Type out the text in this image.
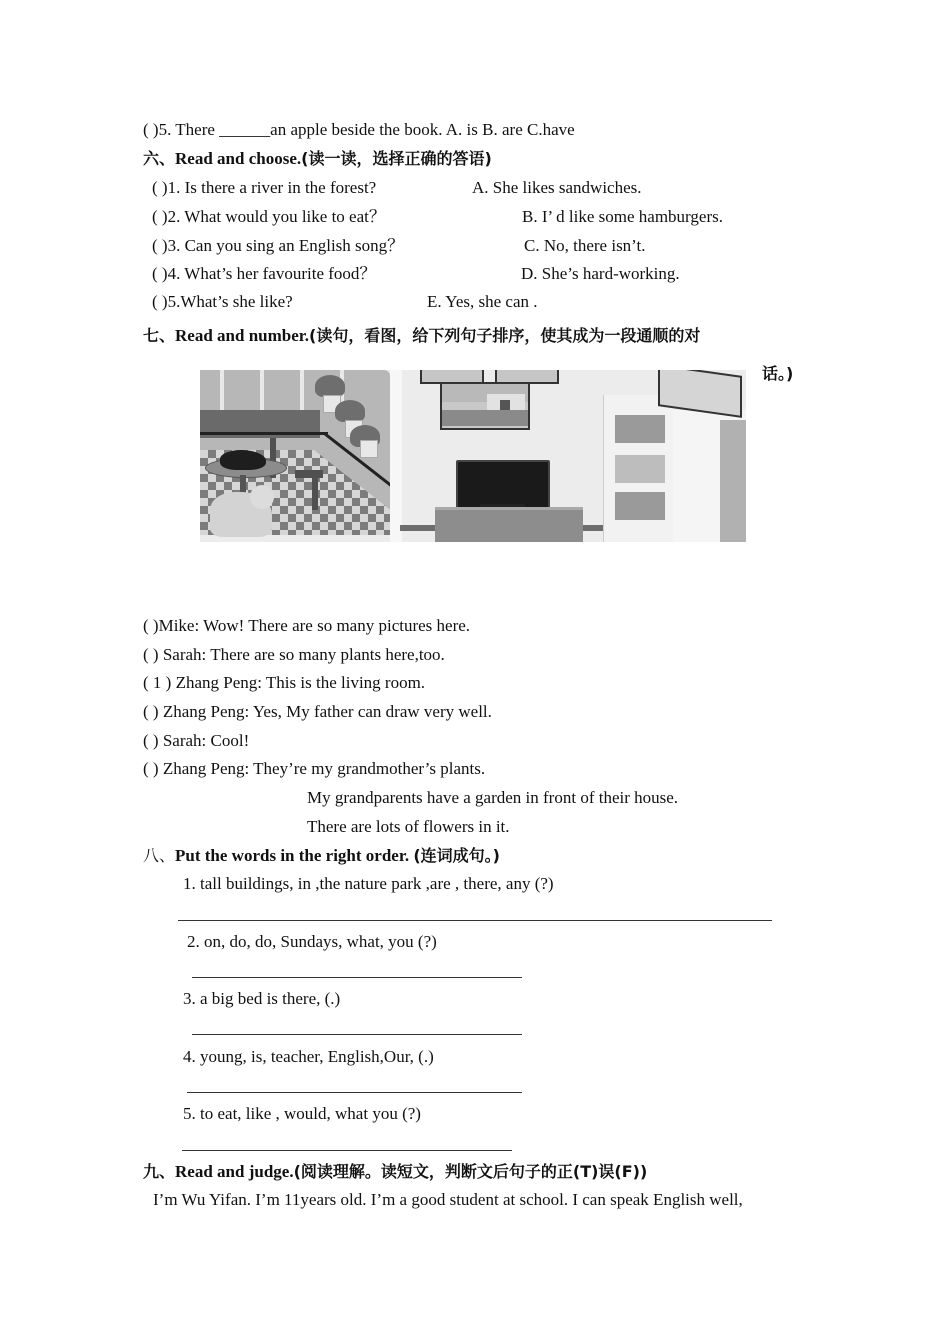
( )5. There ______an apple beside the book. A. is B. are C.have
六、Read and choose.(读一读，选择正确的答语)
( )1. Is there a river in the forest?	A. She likes sandwiches.
( )2. What would you like to eat？	B. I’ d like some hamburgers.
( )3. Can you sing an English song？	C. No, there isn’t.
( )4. What’s her favourite food？	D. She’s hard-working.
( )5.What’s she like?	E. Yes, she can .
七、Read and number.(读句，看图，给下列句子排序，使其成为一段通顺的对
话。)
( )Mike: Wow! There are so many pictures here.
( ) Sarah: There are so many plants here,too.
( 1 ) Zhang Peng: This is the living room.
( ) Zhang Peng: Yes, My father can draw very well.
( ) Sarah: Cool!
( ) Zhang Peng: They’re my grandmother’s plants.
My grandparents have a garden in front of their house.
There are lots of flowers in it.
八、Put the words in the right order. (连词成句。)
1. tall buildings, in ,the nature park ,are , there, any (?)
2. on, do, do, Sundays, what, you (?)
3. a big bed is there, (.)
4. young, is, teacher, English,Our, (.)
5. to eat, like , would, what you (?)
九、Read and judge.(阅读理解。读短文，判断文后句子的正(T)误(F))
I’m Wu Yifan. I’m 11years old. I’m a good student at school. I can speak English well,
